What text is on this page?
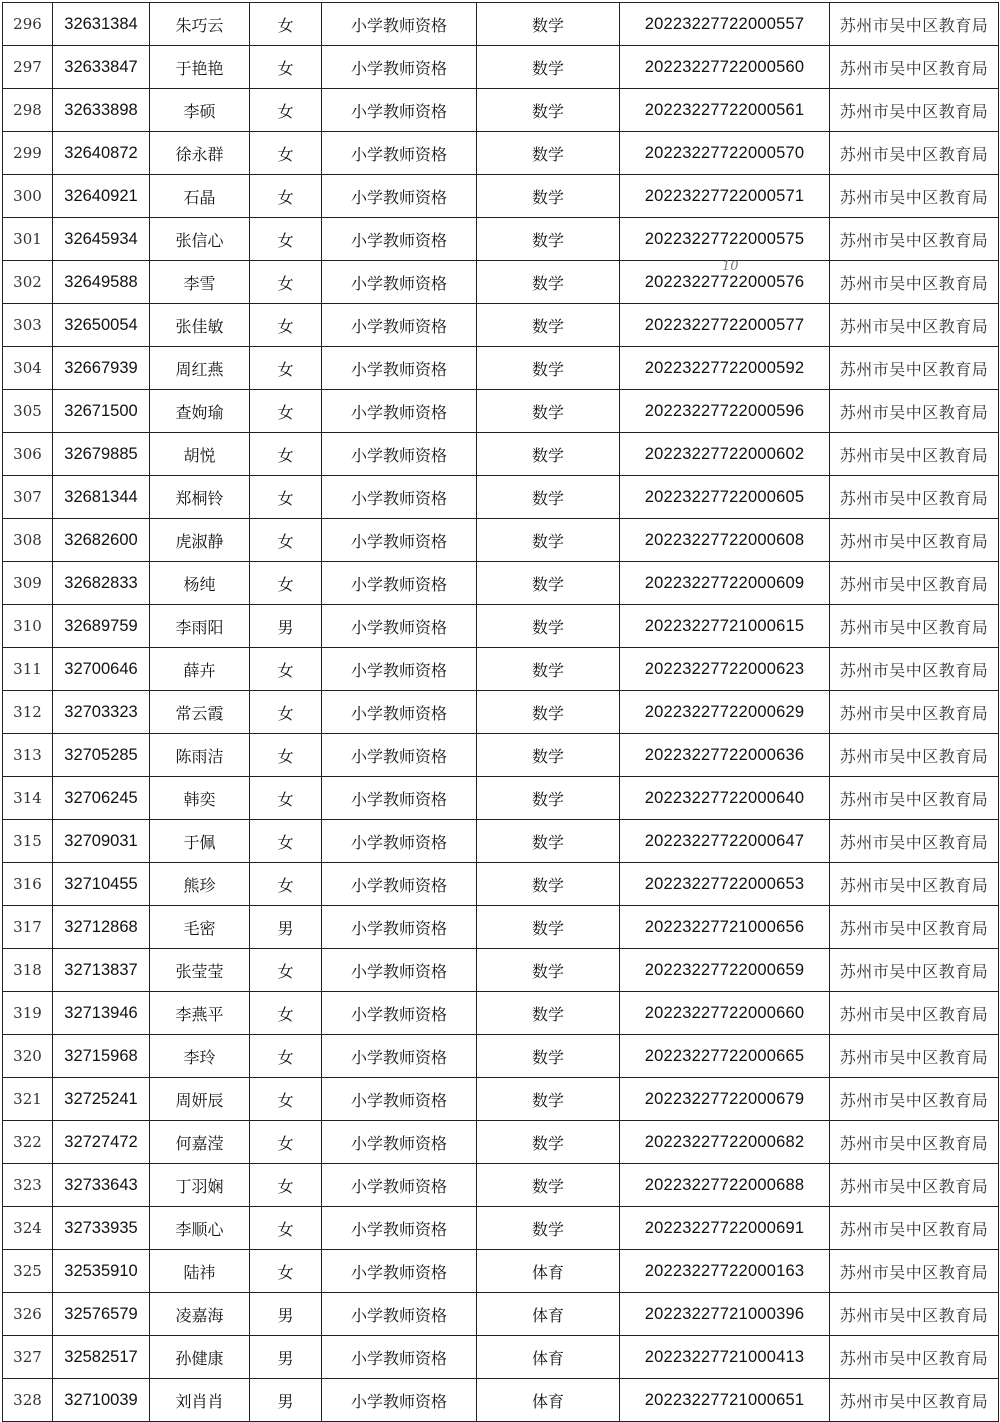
296	32631384	朱巧云	女	小学教师资格	数学	20223227722000557	苏州市吴中区教育局
297	32633847	于艳艳	女	小学教师资格	数学	20223227722000560	苏州市吴中区教育局
298	32633898	李硕	女	小学教师资格	数学	20223227722000561	苏州市吴中区教育局
299	32640872	徐永群	女	小学教师资格	数学	20223227722000570	苏州市吴中区教育局
300	32640921	石晶	女	小学教师资格	数学	20223227722000571	苏州市吴中区教育局
301	32645934	张信心	女	小学教师资格	数学	20223227722000575	苏州市吴中区教育局
302	32649588	李雪	女	小学教师资格	数学	20223227722000576	苏州市吴中区教育局
303	32650054	张佳敏	女	小学教师资格	数学	20223227722000577	苏州市吴中区教育局
304	32667939	周红燕	女	小学教师资格	数学	20223227722000592	苏州市吴中区教育局
305	32671500	查姁瑜	女	小学教师资格	数学	20223227722000596	苏州市吴中区教育局
306	32679885	胡悦	女	小学教师资格	数学	20223227722000602	苏州市吴中区教育局
307	32681344	郑桐铃	女	小学教师资格	数学	20223227722000605	苏州市吴中区教育局
308	32682600	虎淑静	女	小学教师资格	数学	20223227722000608	苏州市吴中区教育局
309	32682833	杨纯	女	小学教师资格	数学	20223227722000609	苏州市吴中区教育局
310	32689759	李雨阳	男	小学教师资格	数学	20223227721000615	苏州市吴中区教育局
311	32700646	薛卉	女	小学教师资格	数学	20223227722000623	苏州市吴中区教育局
312	32703323	常云霞	女	小学教师资格	数学	20223227722000629	苏州市吴中区教育局
313	32705285	陈雨洁	女	小学教师资格	数学	20223227722000636	苏州市吴中区教育局
314	32706245	韩奕	女	小学教师资格	数学	20223227722000640	苏州市吴中区教育局
315	32709031	于佩	女	小学教师资格	数学	20223227722000647	苏州市吴中区教育局
316	32710455	熊珍	女	小学教师资格	数学	20223227722000653	苏州市吴中区教育局
317	32712868	毛密	男	小学教师资格	数学	20223227721000656	苏州市吴中区教育局
318	32713837	张莹莹	女	小学教师资格	数学	20223227722000659	苏州市吴中区教育局
319	32713946	李燕平	女	小学教师资格	数学	20223227722000660	苏州市吴中区教育局
320	32715968	李玲	女	小学教师资格	数学	20223227722000665	苏州市吴中区教育局
321	32725241	周妍辰	女	小学教师资格	数学	20223227722000679	苏州市吴中区教育局
322	32727472	何嘉滢	女	小学教师资格	数学	20223227722000682	苏州市吴中区教育局
323	32733643	丁羽娴	女	小学教师资格	数学	20223227722000688	苏州市吴中区教育局
324	32733935	李顺心	女	小学教师资格	数学	20223227722000691	苏州市吴中区教育局
325	32535910	陆祎	女	小学教师资格	体育	20223227722000163	苏州市吴中区教育局
326	32576579	凌嘉海	男	小学教师资格	体育	20223227721000396	苏州市吴中区教育局
327	32582517	孙健康	男	小学教师资格	体育	20223227721000413	苏州市吴中区教育局
328	32710039	刘肖肖	男	小学教师资格	体育	20223227721000651	苏州市吴中区教育局
10
